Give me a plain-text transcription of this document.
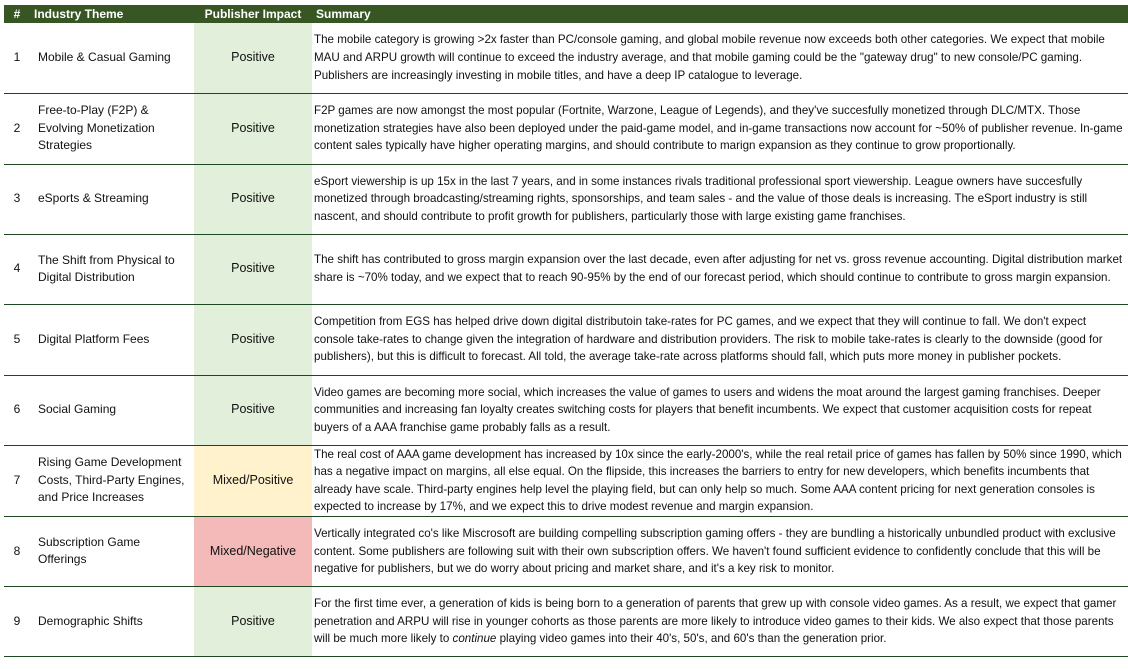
#	Industry Theme	Publisher Impact	Summary
1	Mobile & Casual Gaming	Positive	The mobile category is growing >2x faster than PC/console gaming, and global mobile revenue now exceeds both other categories. We expect that mobile MAU and ARPU growth will continue to exceed the industry average, and that mobile gaming could be the "gateway drug" to new console/PC gaming. Publishers are increasingly investing in mobile titles, and have a deep IP catalogue to leverage.

2	Free-to-Play (F2P) & Evolving Monetization Strategies	Positive	F2P games are now amongst the most popular (Fortnite, Warzone, League of Legends), and they've succesfully monetized through DLC/MTX. Those monetization strategies have also been deployed under the paid-game model, and in-game transactions now account for ~50% of publisher revenue. In-game content sales typically have higher operating margins, and should contribute to marign expansion as they continue to grow proportionally.

3	eSports & Streaming	Positive	eSport viewership is up 15x in the last 7 years, and in some instances rivals traditional professional sport viewership. League owners have succesfully monetized through broadcasting/streaming rights, sponsorships, and team sales - and the value of those deals is increasing. The eSport industry is still nascent, and should contribute to profit growth for publishers, particularly those with large existing game franchises.

4	The Shift from Physical to Digital Distribution	Positive	The shift has contributed to gross margin expansion over the last decade, even after adjusting for net vs. gross revenue accounting. Digital distribution market share is ~70% today, and we expect that to reach 90-95% by the end of our forecast period, which should continue to contribute to gross margin expansion.

5	Digital Platform Fees	Positive	Competition from EGS has helped drive down digital distributoin take-rates for PC games, and we expect that they will continue to fall. We don't expect console take-rates to change given the integration of hardware and distribution providers. The risk to mobile take-rates is clearly to the downside (good for publishers), but this is difficult to forecast. All told, the average take-rate across platforms should fall, which puts more money in publisher pockets.

6	Social Gaming	Positive	Video games are becoming more social, which increases the value of games to users and widens the moat around the largest gaming franchises. Deeper communities and increasing fan loyalty creates switching costs for players that benefit incumbents. We expect that customer acquisition costs for repeat buyers of a AAA franchise game probably falls as a result.

7	Rising Game Development Costs, Third-Party Engines, and Price Increases	Mixed/Positive	The real cost of AAA game development has increased by 10x since the early-2000's, while the real retail price of games has fallen by 50% since 1990, which has a negative impact on margins, all else equal. On the flipside, this increases the barriers to entry for new developers, which benefits incumbents that already have scale. Third-party engines help level the playing field, but can only help so much. Some AAA content pricing for next generation consoles is expected to increase by 17%, and we expect this to drive modest revenue and margin expansion.

8	Subscription Game Offerings	Mixed/Negative	Vertically integrated co's like Miscrosoft are building compelling subscription gaming offers - they are bundling a historically unbundled product with exclusive content. Some publishers are following suit with their own subscription offers. We haven't found sufficient evidence to confidently conclude that this will be negative for publishers, but we do worry about pricing and market share, and it's a key risk to monitor.

9	Demographic Shifts	Positive	For the first time ever, a generation of kids is being born to a generation of parents that grew up with console video games. As a result, we expect that gamer penetration and ARPU will rise in younger cohorts as those parents are more likely to introduce video games to their kids. We also expect that those parents will be much more likely to continue playing video games into their 40's, 50's, and 60's than the generation prior.
